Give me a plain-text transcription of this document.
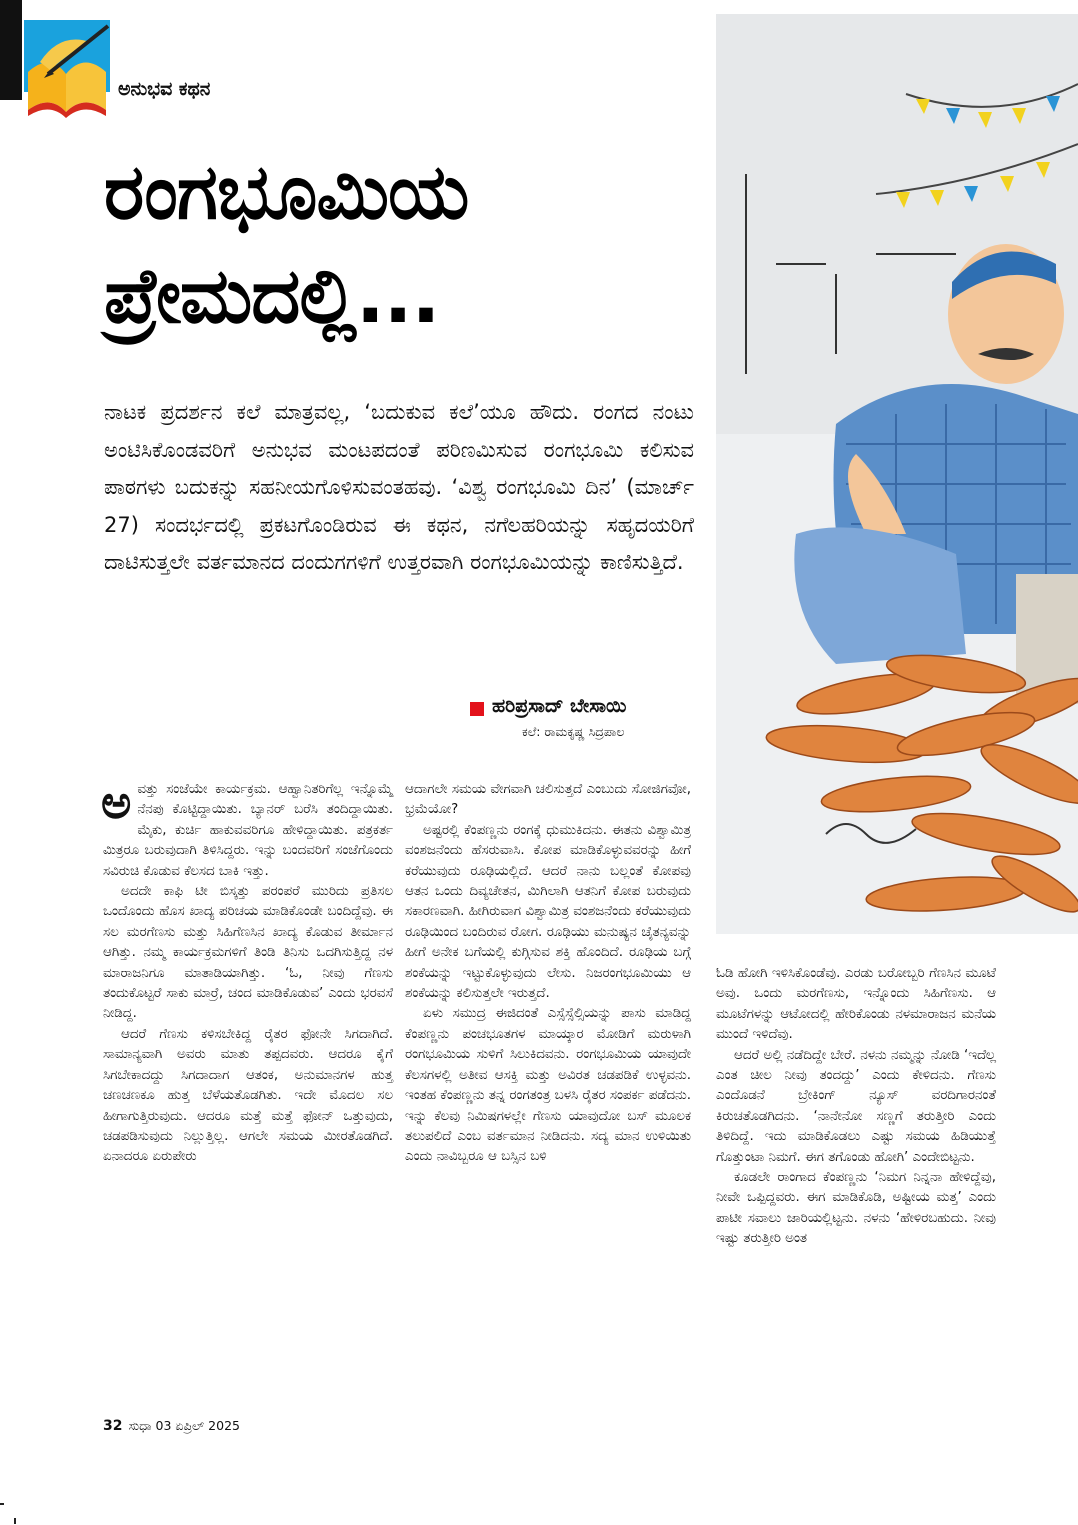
ಅನುಭವ ಕಥನ
ರಂಗಭೂಮಿಯ
ಪ್ರೇಮದಲ್ಲಿ...
ನಾಟಕ ಪ್ರದರ್ಶನ ಕಲೆ ಮಾತ್ರವಲ್ಲ, ‘ಬದುಕುವ ಕಲೆ’ಯೂ ಹೌದು. ರಂಗದ ನಂಟು ಅಂಟಿಸಿಕೊಂಡವರಿಗೆ ಅನುಭವ ಮಂಟಪದಂತೆ ಪರಿಣಮಿಸುವ ರಂಗಭೂಮಿ ಕಲಿಸುವ ಪಾಠಗಳು ಬದುಕನ್ನು ಸಹನೀಯಗೊಳಿಸುವಂತಹವು. ‘ವಿಶ್ವ ರಂಗಭೂಮಿ ದಿನ’ (ಮಾರ್ಚ್ 27) ಸಂದರ್ಭದಲ್ಲಿ ಪ್ರಕಟಗೊಂಡಿರುವ ಈ ಕಥನ, ನಗೆಲಹರಿಯನ್ನು ಸಹೃದಯರಿಗೆ ದಾಟಿಸುತ್ತಲೇ ವರ್ತಮಾನದ ದಂದುಗಗಳಿಗೆ ಉತ್ತರವಾಗಿ ರಂಗಭೂಮಿಯನ್ನು ಕಾಣಿಸುತ್ತಿದೆ.
ಹರಿಪ್ರಸಾದ್ ಬೇಸಾಯಿ
ಕಲೆ: ರಾಮಕೃಷ್ಣ ಸಿದ್ರಪಾಲ

ಅವತ್ತು ಸಂಜೆಯೇ ಕಾರ್ಯಕ್ರಮ. ಆಹ್ವಾನಿತರಿಗೆಲ್ಲ ಇನ್ನೊಮ್ಮೆ ನೆನಪು ಕೊಟ್ಟಿದ್ದಾಯಿತು. ಬ್ಯಾನರ್ ಬರೆಸಿ ತಂದಿದ್ದಾಯಿತು. ಮೈಕು, ಕುರ್ಚಿ ಹಾಕುವವರಿಗೂ ಹೇಳಿದ್ದಾಯಿತು. ಪತ್ರಕರ್ತ ಮಿತ್ರರೂ ಬರುವುದಾಗಿ ತಿಳಿಸಿದ್ದರು. ಇನ್ನು ಬಂದವರಿಗೆ ಸಂಜೆಗೊಂದು ಸವಿರುಚಿ ಕೊಡುವ ಕೆಲಸದ ಬಾಕಿ ಇತ್ತು.

ಅದದೇ ಕಾಫಿ ಟೀ ಬಿಸ್ಕತ್ತು ಪರಂಪರೆ ಮುರಿದು ಪ್ರತಿಸಲ ಒಂದೊಂದು ಹೊಸ ಖಾದ್ಯ ಪರಿಚಯ ಮಾಡಿಕೊಂಡೇ ಬಂದಿದ್ದೆವು. ಈ ಸಲ ಮರಗೆಣಸು ಮತ್ತು ಸಿಹಿಗೆಣಸಿನ ಖಾದ್ಯ ಕೊಡುವ ತೀರ್ಮಾನ ಆಗಿತ್ತು. ನಮ್ಮ ಕಾರ್ಯಕ್ರಮಗಳಿಗೆ ತಿಂಡಿ ತಿನಿಸು ಒದಗಿಸುತ್ತಿದ್ದ ನಳ ಮಾರಾಜನಿಗೂ ಮಾತಾಡಿಯಾಗಿತ್ತು. ‘ಓ, ನೀವು ಗೆಣಸು ತಂದುಕೊಟ್ಟರೆ ಸಾಕು ಮಾರ್ರೆ, ಚಂದ ಮಾಡಿಕೊಡುವ’ ಎಂದು ಭರವಸೆ ನೀಡಿದ್ದ.

ಆದರೆ ಗೆಣಸು ಕಳಿಸಬೇಕಿದ್ದ ರೈತರ ಫೋನೇ ಸಿಗದಾಗಿದೆ. ಸಾಮಾನ್ಯವಾಗಿ ಅವರು ಮಾತು ತಪ್ಪದವರು. ಆದರೂ ಕೈಗೆ ಸಿಗಬೇಕಾದದ್ದು ಸಿಗದಾದಾಗ ಆತಂಕ, ಅನುಮಾನಗಳ ಹುತ್ತ ಚಣಚಣಕೂ ಹುತ್ತ ಬೆಳೆಯತೊಡಗಿತು. ಇದೇ ಮೊದಲ ಸಲ ಹೀಗಾಗುತ್ತಿರುವುದು. ಆದರೂ ಮತ್ತೆ ಮತ್ತೆ ಫೋನ್ ಒತ್ತುವುದು, ಚಡಪಡಿಸುವುದು ನಿಲ್ಲುತ್ತಿಲ್ಲ. ಆಗಲೇ ಸಮಯ ಮೀರತೊಡಗಿದೆ. ಏನಾದರೂ ಏರುಪೇರು

ಆದಾಗಲೇ ಸಮಯ ವೇಗವಾಗಿ ಚಲಿಸುತ್ತದೆ ಎಂಬುದು ಸೋಜಿಗವೋ, ಭ್ರಮೆಯೋ?

ಅಷ್ಟರಲ್ಲಿ ಕೆಂಪಣ್ಣನು ರಂಗಕ್ಕೆ ಧುಮುಕಿದನು. ಈತನು ವಿಶ್ವಾಮಿತ್ರ ವಂಶಜನೆಂದು ಹೆಸರುವಾಸಿ. ಕೋಪ ಮಾಡಿಕೊಳ್ಳುವವರನ್ನು ಹೀಗೆ ಕರೆಯುವುದು ರೂಢಿಯಲ್ಲಿದೆ. ಆದರೆ ನಾನು ಬಲ್ಲಂತೆ ಕೋಪವು ಆತನ ಒಂದು ದಿವ್ಯಚೇತನ, ಮಿಗಿಲಾಗಿ ಆತನಿಗೆ ಕೋಪ ಬರುವುದು ಸಕಾರಣವಾಗಿ. ಹೀಗಿರುವಾಗ ವಿಶ್ವಾಮಿತ್ರ ವಂಶಜನೆಂದು ಕರೆಯುವುದು ರೂಢಿಯಿಂದ ಬಂದಿರುವ ರೋಗ. ರೂಢಿಯು ಮನುಷ್ಯನ ಚೈತನ್ಯವನ್ನು ಹೀಗೆ ಅನೇಕ ಬಗೆಯಲ್ಲಿ ಕುಗ್ಗಿಸುವ ಶಕ್ತಿ ಹೊಂದಿದೆ. ರೂಢಿಯ ಬಗ್ಗೆ ಶಂಕೆಯನ್ನು ಇಟ್ಟುಕೊಳ್ಳುವುದು ಲೇಸು. ನಿಜರಂಗಭೂಮಿಯು ಆ ಶಂಕೆಯನ್ನು ಕಲಿಸುತ್ತಲೇ ಇರುತ್ತದೆ.

ಏಳು ಸಮುದ್ರ ಈಜಿದಂತೆ ಎಸ್ಸೆಸ್ಸೆಲ್ಸಿಯನ್ನು ಪಾಸು ಮಾಡಿದ್ದ ಕೆಂಪಣ್ಣನು ಪಂಚಭೂತಗಳ ಮಾಯ್ಕಾರ ಮೋಡಿಗೆ ಮರುಳಾಗಿ ರಂಗಭೂಮಿಯ ಸುಳಿಗೆ ಸಿಲುಕಿದವನು. ರಂಗಭೂಮಿಯ ಯಾವುದೇ ಕೆಲಸಗಳಲ್ಲಿ ಅತೀವ ಆಸಕ್ತಿ ಮತ್ತು ಅವಿರತ ಚಡಪಡಿಕೆ ಉಳ್ಳವನು. ಇಂತಹ ಕೆಂಪಣ್ಣನು ತನ್ನ ರಂಗತಂತ್ರ ಬಳಸಿ ರೈತರ ಸಂಪರ್ಕ ಪಡೆದನು. ಇನ್ನು ಕೆಲವು ನಿಮಿಷಗಳಲ್ಲೇ ಗೆಣಸು ಯಾವುದೋ ಬಸ್ ಮೂಲಕ ತಲುಪಲಿದೆ ಎಂಬ ವರ್ತಮಾನ ನೀಡಿದನು. ಸದ್ಯ ಮಾನ ಉಳಿಯಿತು ಎಂದು ನಾವಿಬ್ಬರೂ ಆ ಬಸ್ಸಿನ ಬಳಿ

ಓಡಿ ಹೋಗಿ ಇಳಿಸಿಕೊಂಡೆವು. ಎರಡು ಬರೋಬ್ಬರಿ ಗೆಣಸಿನ ಮೂಟೆ ಅವು. ಒಂದು ಮರಗೆಣಸು, ಇನ್ನೊಂದು ಸಿಹಿಗೆಣಸು. ಆ ಮೂಟೆಗಳನ್ನು ಆಟೋದಲ್ಲಿ ಹೇರಿಕೊಂಡು ನಳಮಾರಾಜನ ಮನೆಯ ಮುಂದೆ ಇಳಿದೆವು.

ಆದರೆ ಅಲ್ಲಿ ನಡೆದಿದ್ದೇ ಬೇರೆ. ನಳನು ನಮ್ಮನ್ನು ನೋಡಿ ‘ಇದೆಲ್ಲ ಎಂತ ಚೀಲ ನೀವು ತಂದದ್ದು’ ಎಂದು ಕೇಳಿದನು. ಗೆಣಸು ಎಂದೊಡನೆ ಬ್ರೇಕಿಂಗ್ ನ್ಯೂಸ್ ವರದಿಗಾರನಂತೆ ಕಿರುಚತೊಡಗಿದನು. ‘ನಾನೇನೋ ಸಣ್ಣಗೆ ತರುತ್ತೀರಿ ಎಂದು ತಿಳಿದಿದ್ದೆ. ಇದು ಮಾಡಿಕೊಡಲು ಎಷ್ಟು ಸಮಯ ಹಿಡಿಯುತ್ತೆ ಗೊತ್ತುಂಟಾ ನಿಮಗೆ. ಈಗ ತಗೊಂಡು ಹೋಗಿ’ ಎಂದೇಬಿಟ್ಟನು.

ಕೂಡಲೇ ರಾಂಗಾದ ಕೆಂಪಣ್ಣನು ‘ನಿಮಗ ನಿನ್ನನಾ ಹೇಳಿದ್ದೆವು, ನೀವೇ ಒಪ್ಪಿದ್ದವರು. ಈಗ ಮಾಡಿಕೊಡಿ, ಅಷ್ಟೀಯ ಮತ್ತ’ ಎಂದು ಪಾಟೀ ಸವಾಲು ಜಾರಿಯಲ್ಲಿಟ್ಟನು. ನಳನು ‘ಹೇಳಿರಬಹುದು. ನೀವು ಇಷ್ಟು ತರುತ್ತೀರಿ ಅಂತ

32 ಸುಧಾ 03 ಏಪ್ರಿಲ್ 2025
